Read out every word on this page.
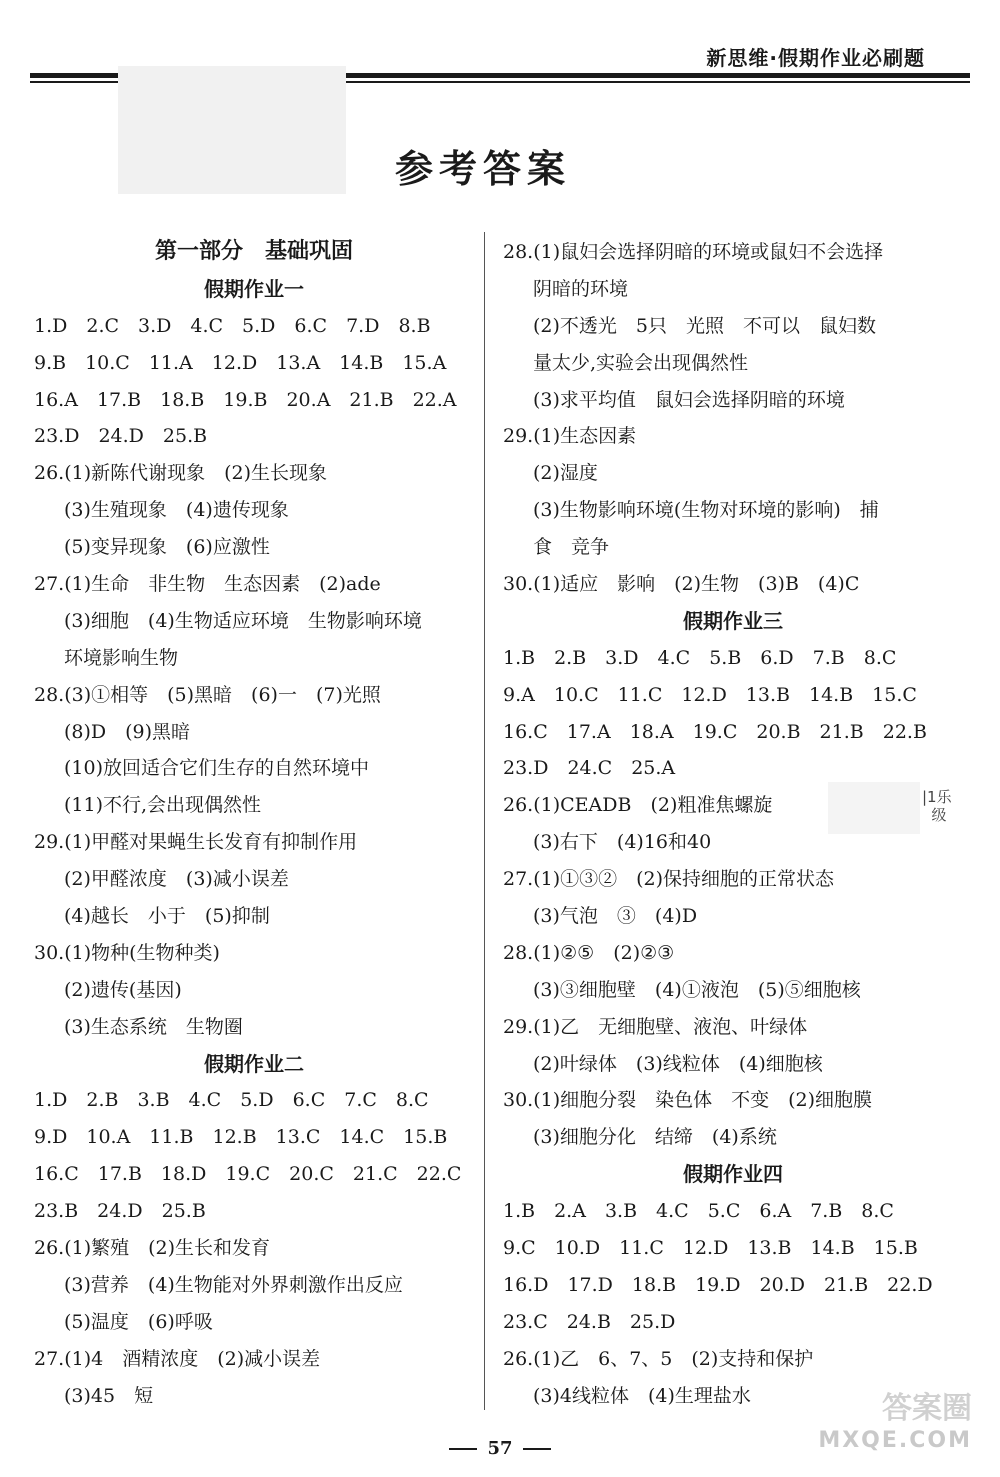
新思维·假期作业必刷题
参考答案
第一部分　基础巩固
假期作业一
1.D　2.C　3.D　4.C　5.D　6.C　7.D　8.B
9.B　10.C　11.A　12.D　13.A　14.B　15.A
16.A　17.B　18.B　19.B　20.A　21.B　22.A
23.D　24.D　25.B
26.(1)新陈代谢现象　(2)生长现象
(3)生殖现象　(4)遗传现象
(5)变异现象　(6)应激性
27.(1)生命　非生物　生态因素　(2)ade
(3)细胞　(4)生物适应环境　生物影响环境
环境影响生物
28.(3)①相等　(5)黑暗　(6)一　(7)光照
(8)D　(9)黑暗
(10)放回适合它们生存的自然环境中
(11)不行,会出现偶然性
29.(1)甲醛对果蝇生长发育有抑制作用
(2)甲醛浓度　(3)减小误差
(4)越长　小于　(5)抑制
30.(1)物种(生物种类)
(2)遗传(基因)
(3)生态系统　生物圈
假期作业二
1.D　2.B　3.B　4.C　5.D　6.C　7.C　8.C
9.D　10.A　11.B　12.B　13.C　14.C　15.B
16.C　17.B　18.D　19.C　20.C　21.C　22.C
23.B　24.D　25.B
26.(1)繁殖　(2)生长和发育
(3)营养　(4)生物能对外界刺激作出反应
(5)温度　(6)呼吸
27.(1)4　酒精浓度　(2)减小误差
(3)45　短
28.(1)鼠妇会选择阴暗的环境或鼠妇不会选择
阴暗的环境
(2)不透光　5只　光照　不可以　鼠妇数
量太少,实验会出现偶然性
(3)求平均值　鼠妇会选择阴暗的环境
29.(1)生态因素
(2)湿度
(3)生物影响环境(生物对环境的影响)　捕
食　竞争
30.(1)适应　影响　(2)生物　(3)B　(4)C
假期作业三
1.B　2.B　3.D　4.C　5.B　6.D　7.B　8.C
9.A　10.C　11.C　12.D　13.B　14.B　15.C
16.C　17.A　18.A　19.C　20.B　21.B　22.B
23.D　24.C　25.A
26.(1)CEADB　(2)粗准焦螺旋
(3)右下　(4)16和40
27.(1)①③②　(2)保持细胞的正常状态
(3)气泡　③　(4)D
28.(1)②⑤　(2)②③
(3)③细胞壁　(4)①液泡　(5)⑤细胞核
29.(1)乙　无细胞壁、液泡、叶绿体
(2)叶绿体　(3)线粒体　(4)细胞核
30.(1)细胞分裂　染色体　不变　(2)细胞膜
(3)细胞分化　结缔　(4)系统
假期作业四
1.B　2.A　3.B　4.C　5.C　6.A　7.B　8.C
9.C　10.D　11.C　12.D　13.B　14.B　15.B
16.D　17.D　18.B　19.D　20.D　21.B　22.D
23.C　24.B　25.D
26.(1)乙　6、7、5　(2)支持和保护
(3)4线粒体　(4)生理盐水
|1乐
级
57
答案圈
MXQE.COM
